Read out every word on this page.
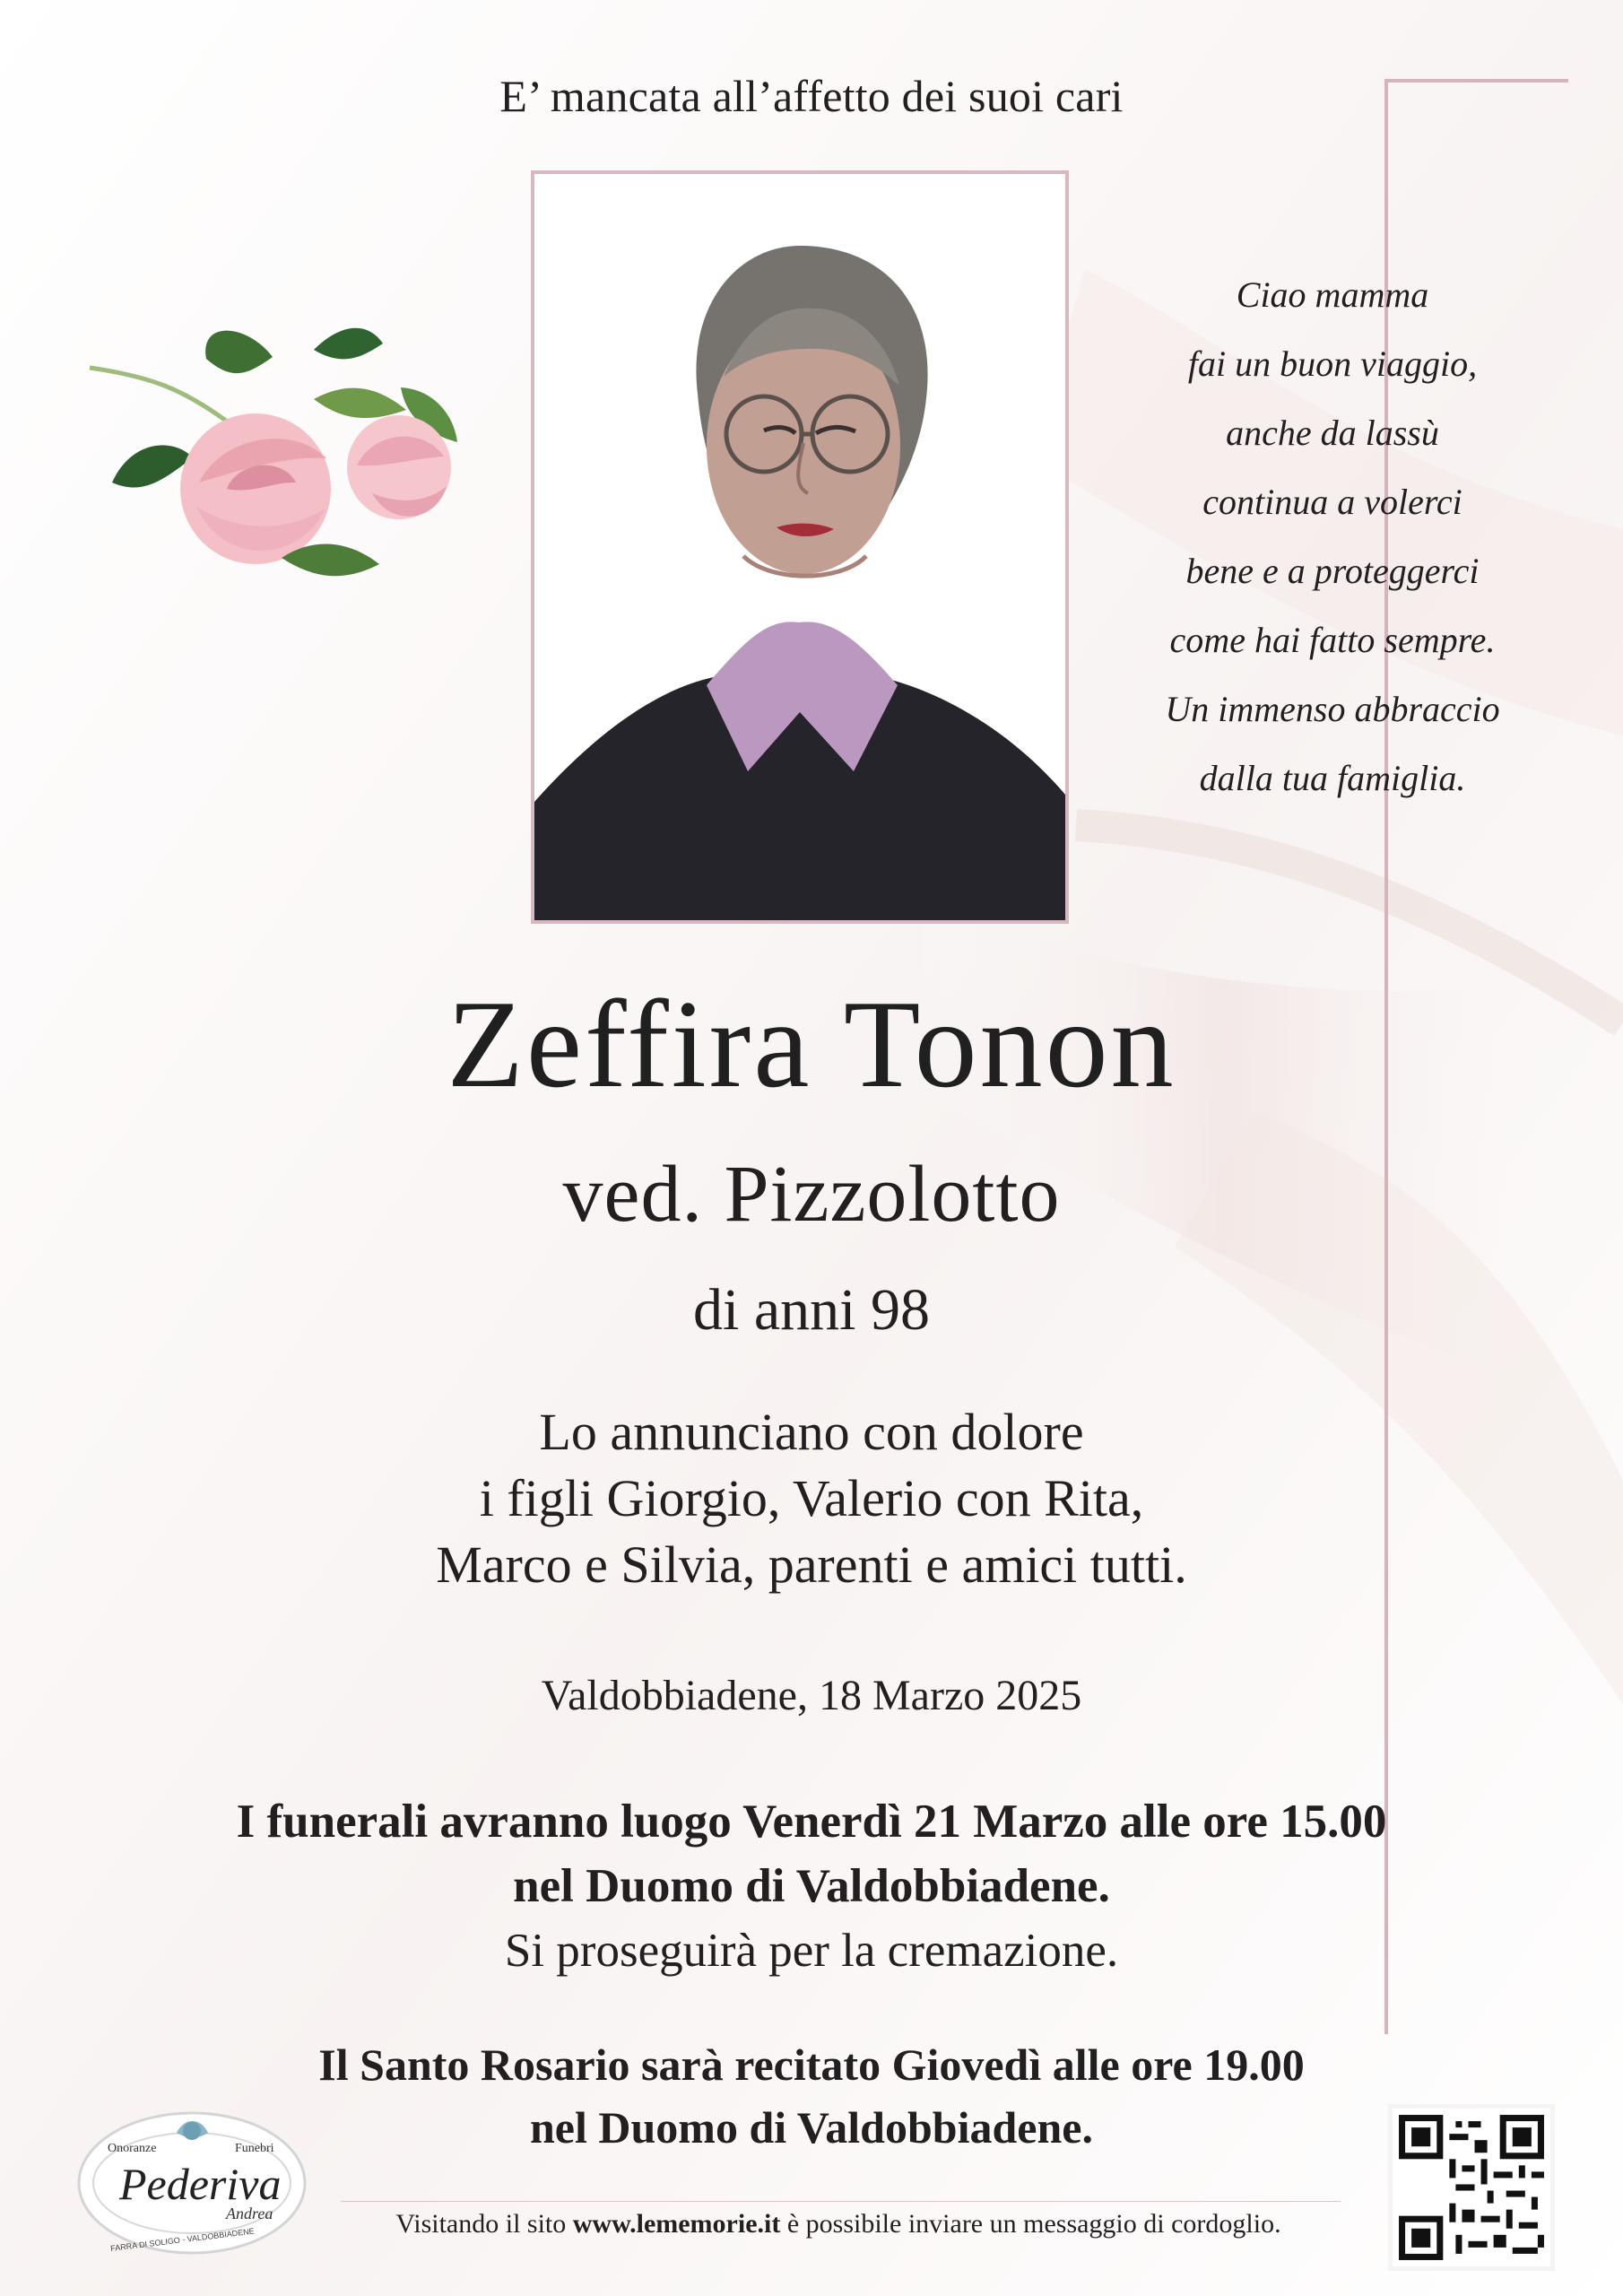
E’ mancata all’affetto dei suoi cari
Ciao mamma
fai un buon viaggio,
anche da lassù
continua a volerci
bene e a proteggerci
come hai fatto sempre.
Un immenso abbraccio
dalla tua famiglia.
Zeffira Tonon
ved. Pizzolotto
di anni 98
Lo annunciano con dolore
i figli Giorgio, Valerio con Rita,
Marco e Silvia, parenti e amici tutti.
Valdobbiadene, 18 Marzo 2025
I funerali avranno luogo Venerdì 21 Marzo alle ore 15.00
nel Duomo di Valdobbiadene.
Si proseguirà per la cremazione.
Il Santo Rosario sarà recitato Giovedì alle ore 19.00
nel Duomo di Valdobbiadene.
Onoranze	Funebri
Pederiva
Andrea
FARRA DI SOLIGO - VALDOBBIADENE
Visitando il sito www.lememorie.it è possibile inviare un messaggio di cordoglio.
